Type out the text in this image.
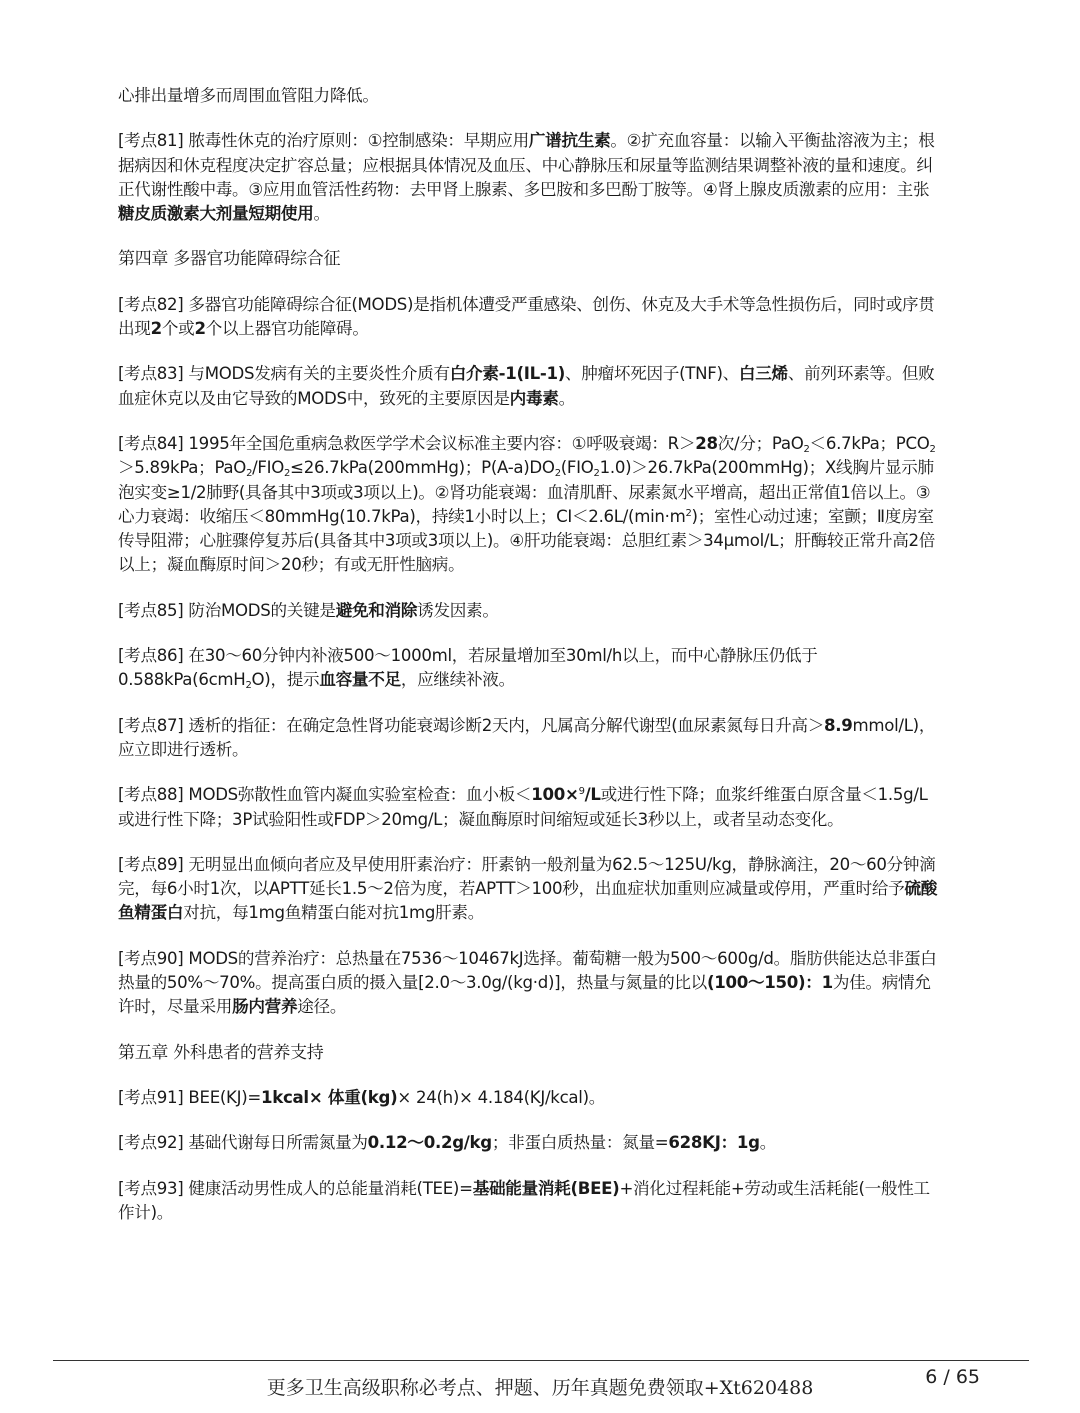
心排出量增多而周围血管阻力降低。

[考点81] 脓毒性休克的治疗原则：①控制感染：早期应用广谱抗生素。②扩充血容量：以输入平衡盐溶液为主；根据病因和休克程度决定扩容总量；应根据具体情况及血压、中心静脉压和尿量等监测结果调整补液的量和速度。纠正代谢性酸中毒。③应用血管活性药物：去甲肾上腺素、多巴胺和多巴酚丁胺等。④肾上腺皮质激素的应用：主张糖皮质激素大剂量短期使用。

第四章 多器官功能障碍综合征

[考点82] 多器官功能障碍综合征(MODS)是指机体遭受严重感染、创伤、休克及大手术等急性损伤后，同时或序贯出现2个或2个以上器官功能障碍。

[考点83] 与MODS发病有关的主要炎性介质有白介素-1(IL-1)、肿瘤坏死因子(TNF)、白三烯、前列环素等。但败血症休克以及由它导致的MODS中，致死的主要原因是内毒素。

[考点84] 1995年全国危重病急救医学学术会议标准主要内容：①呼吸衰竭：R＞28次/分；PaO$_2$＜6.7kPa；$PCO_2>5.89kPa$；$PaO_2/FIO_2\le 26.7kPa(200mmHg)$；$P(A-a)DO_2(FIO_21.0)>26.7kPa(200mmHg)$；X线胸片显示肺泡实变≥1/2肺野(具备其中3项或3项以上)。②肾功能衰竭：血清肌酐、尿素氮水平增高，超出正常值1倍以上。③心力衰竭：收缩压＜80mmHg(10.7kPa)，持续1小时以上；$CI<2.6L/(\min\cdot m^2)$；室性心动过速；室颤；Ⅱ度房室传导阻滞；心脏骤停复苏后(具备其中3项或3项以上)。④肝功能衰竭：总胆红素＞34μmol/L；肝酶较正常升高2倍以上；凝血酶原时间＞20秒；有或无肝性脑病。

[考点85] 防治MODS的关键是避免和消除诱发因素。

[考点86] 在30～60分钟内补液500～1000ml，若尿量增加至30ml/h以上，而中心静脉压仍低于0.588kPa(6cmH$_2$O)，提示血容量不足，应继续补液。

[考点87] 透析的指征：在确定急性肾功能衰竭诊断2天内，凡属高分解代谢型(血尿素氮每日升高＞8.9mmol/L)，应立即进行透析。

[考点88] MODS弥散性血管内凝血实验室检查：血小板＜100×$^9$/L或进行性下降；血浆纤维蛋白原含量＜1.5g/L或进行性下降；3P试验阳性或FDP＞20mg/L；凝血酶原时间缩短或延长3秒以上，或者呈动态变化。

[考点89] 无明显出血倾向者应及早使用肝素治疗：肝素钠一般剂量为62.5～125U/kg，静脉滴注，20～60分钟滴完，每6小时1次，以APTT延长1.5～2倍为度，若APTT＞100秒，出血症状加重则应减量或停用，严重时给予硫酸鱼精蛋白对抗，每1mg鱼精蛋白能对抗1mg肝素。

[考点90] MODS的营养治疗：总热量在7536～10467kJ选择。葡萄糖一般为500～600g/d。脂肪供能达总非蛋白热量的50%～70%。提高蛋白质的摄入量[2.0～3.0g/(kg·d)]，热量与氮量的比以(100～150)：1为佳。病情允许时，尽量采用肠内营养途径。

第五章 外科患者的营养支持

[考点91] BEE(KJ)=1kcal× 体重(kg)× 24(h)× 4.184(KJ/kcal)。

[考点92] 基础代谢每日所需氮量为0.12～0.2g/kg；非蛋白质热量：氮量=628KJ：1g。

[考点93] 健康活动男性成人的总能量消耗(TEE)=基础能量消耗(BEE)+消化过程耗能+劳动或生活耗能(一般性工作计)。

更多卫生高级职称必考点、押题、历年真题免费领取+Xt620488	6 / 65
